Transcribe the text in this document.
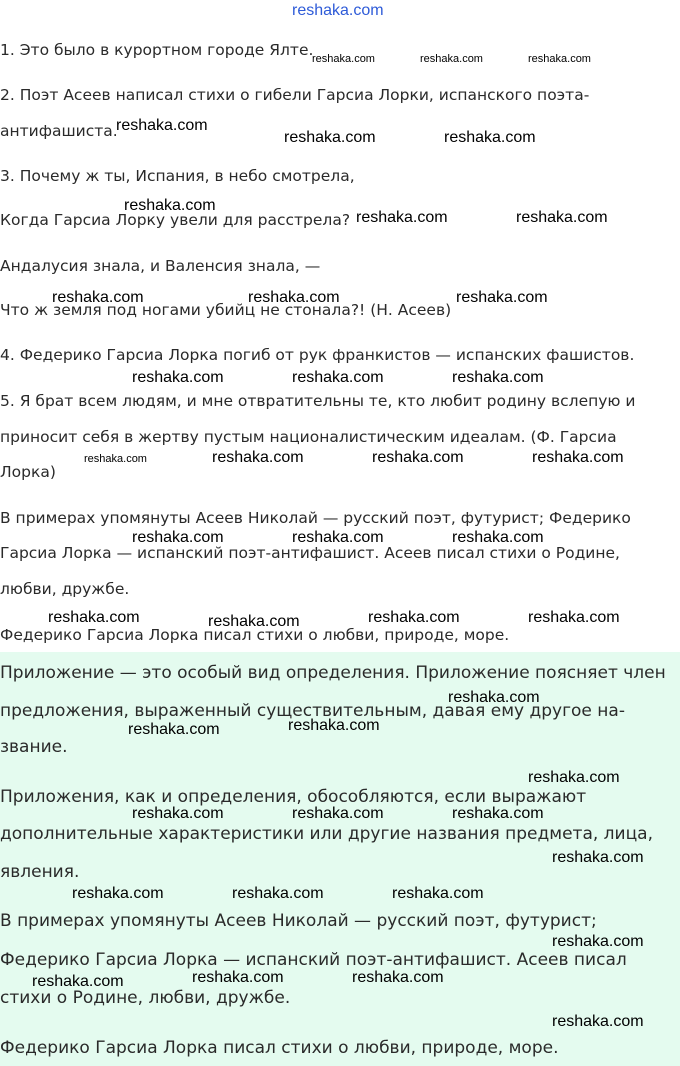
reshaka.com
1. Это было в курортном городе Ялте.
2. Поэт Асеев написал стихи о гибели Гарсиа Лорки, испанского поэта-
антифашиста.
3. Почему ж ты, Испания, в небо смотрела,
Когда Гарсиа Лорку увели для расстрела?
Андалусия знала, и Валенсия знала, —
Что ж земля под ногами убийц не стонала?! (Н. Асеев)
4. Федерико Гарсиа Лорка погиб от рук франкистов — испанских фашистов.
5. Я брат всем людям, и мне отвратительны те, кто любит родину вслепую и
приносит себя в жертву пустым националистическим идеалам. (Ф. Гарсиа
Лорка)
В примерах упомянуты Асеев Николай — русский поэт, футурист; Федерико
Гарсиа Лорка — испанский поэт-антифашист. Асеев писал стихи о Родине,
любви, дружбе.
Федерико Гарсиа Лорка писал стихи о любви, природе, море.
Приложение — это особый вид определения. Приложение поясняет член
предложения, выраженный существительным, давая ему другое на-
звание.
Приложения, как и определения, обособляются, если выражают
дополнительные характеристики или другие названия предмета, лица,
явления.
В примерах упомянуты Асеев Николай — русский поэт, футурист;
Федерико Гарсиа Лорка — испанский поэт-антифашист. Асеев писал
стихи о Родине, любви, дружбе.
Федерико Гарсиа Лорка писал стихи о любви, природе, море.
reshaka.com	reshaka.com	reshaka.com
reshaka.com
reshaka.com	reshaka.com
reshaka.com
reshaka.com	reshaka.com
reshaka.com	reshaka.com	reshaka.com
reshaka.com	reshaka.com	reshaka.com
reshaka.com	reshaka.com	reshaka.com	reshaka.com
reshaka.com	reshaka.com	reshaka.com
reshaka.com	reshaka.com	reshaka.com	reshaka.com
reshaka.com
reshaka.com	reshaka.com
reshaka.com
reshaka.com	reshaka.com	reshaka.com
reshaka.com
reshaka.com	reshaka.com	reshaka.com
reshaka.com
reshaka.com	reshaka.com
reshaka.com
reshaka.com
